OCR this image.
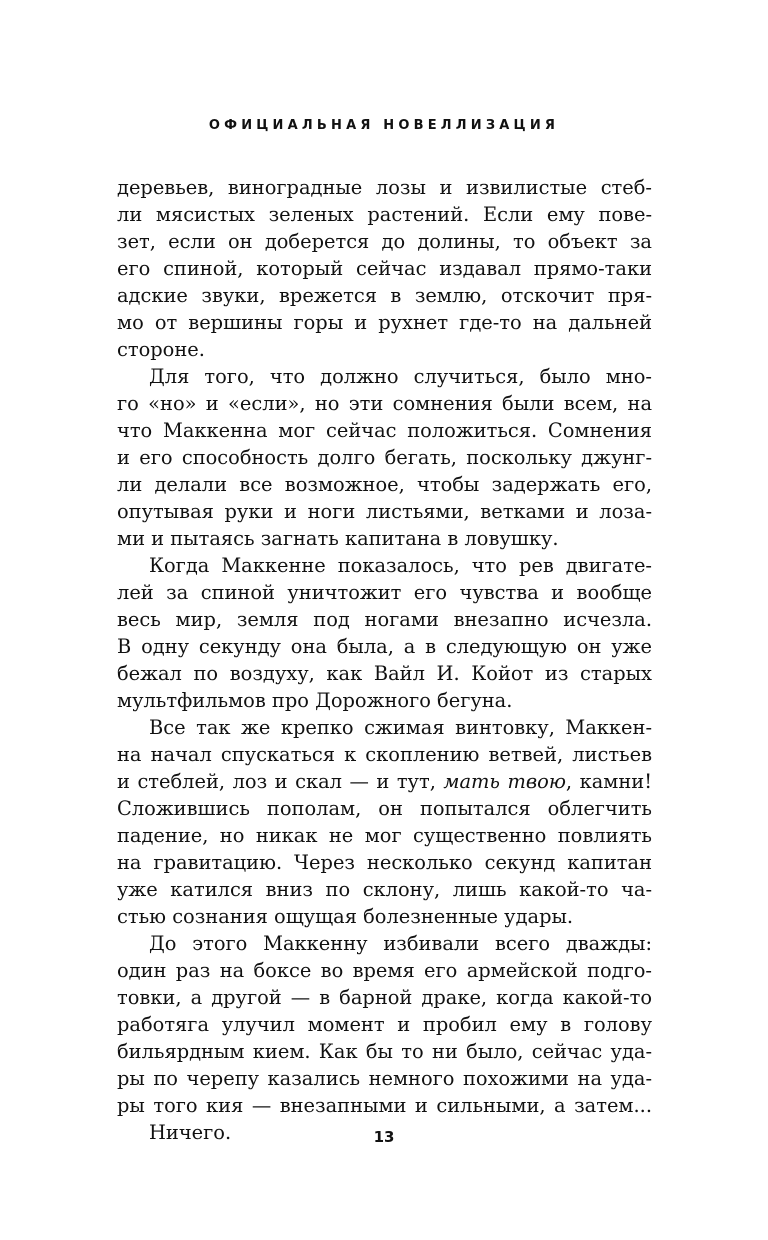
ОФИЦИАЛЬНАЯ НОВЕЛЛИЗАЦИЯ
деревьев, виноградные лозы и извилистые стеб-
ли мясистых зеленых растений. Если ему пове-
зет, если он доберется до долины, то объект за
его спиной, который сейчас издавал прямо-таки
адские звуки, врежется в землю, отскочит пря-
мо от вершины горы и рухнет где-то на дальней
стороне.
Для того, что должно случиться, было мно-
го «но» и «если», но эти сомнения были всем, на
что Маккенна мог сейчас положиться. Сомнения
и его способность долго бегать, поскольку джунг-
ли делали все возможное, чтобы задержать его,
опутывая руки и ноги листьями, ветками и лоза-
ми и пытаясь загнать капитана в ловушку.
Когда Маккенне показалось, что рев двигате-
лей за спиной уничтожит его чувства и вообще
весь мир, земля под ногами внезапно исчезла.
В одну секунду она была, а в следующую он уже
бежал по воздуху, как Вайл И. Койот из старых
мультфильмов про Дорожного бегуна.
Все так же крепко сжимая винтовку, Маккен-
на начал спускаться к скоплению ветвей, листьев
и стеблей, лоз и скал — и тут, мать твою, камни!
Сложившись пополам, он попытался облегчить
падение, но никак не мог существенно повлиять
на гравитацию. Через несколько секунд капитан
уже катился вниз по склону, лишь какой-то ча-
стью сознания ощущая болезненные удары.
До этого Маккенну избивали всего дважды:
один раз на боксе во время его армейской подго-
товки, а другой — в барной драке, когда какой-то
работяга улучил момент и пробил ему в голову
бильярдным кием. Как бы то ни было, сейчас уда-
ры по черепу казались немного похожими на уда-
ры того кия — внезапными и сильными, а затем...
Ничего.	13
